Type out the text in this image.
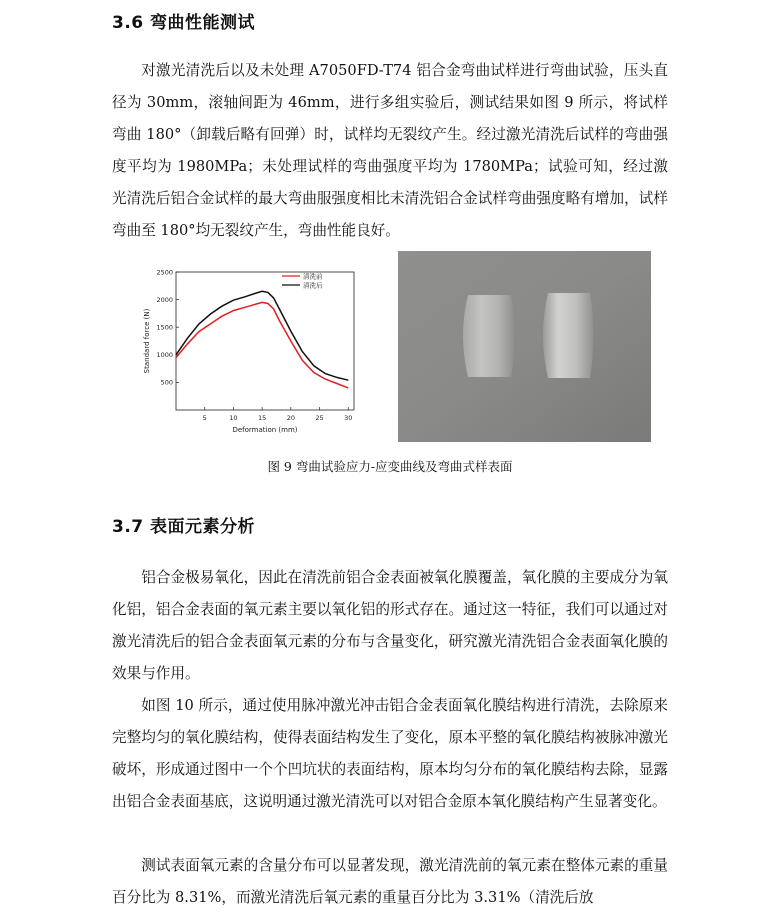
3.6 弯曲性能测试

对激光清洗后以及未处理 A7050FD-T74 铝合金弯曲试样进行弯曲试验，压头直径为 30mm，滚轴间距为 46mm，进行多组实验后，测试结果如图 9 所示，将试样弯曲 180°（卸载后略有回弹）时，试样均无裂纹产生。经过激光清洗后试样的弯曲强度平均为 1980MPa；未处理试样的弯曲强度平均为 1780MPa；试验可知，经过激光清洗后铝合金试样的最大弯曲服强度相比未清洗铝合金试样弯曲强度略有增加，试样弯曲至 180°均无裂纹产生，弯曲性能良好。

5	10	15	20	25	30
500
1000
1500
2000
2500
Deformation (mm)
Standard force (N)
清洗前
清洗后
图 9 弯曲试验应力-应变曲线及弯曲式样表面
3.7 表面元素分析

铝合金极易氧化，因此在清洗前铝合金表面被氧化膜覆盖，氧化膜的主要成分为氧化铝，铝合金表面的氧元素主要以氧化铝的形式存在。通过这一特征，我们可以通过对激光清洗后的铝合金表面氧元素的分布与含量变化，研究激光清洗铝合金表面氧化膜的效果与作用。

如图 10 所示，通过使用脉冲激光冲击铝合金表面氧化膜结构进行清洗，去除原来完整均匀的氧化膜结构，使得表面结构发生了变化，原本平整的氧化膜结构被脉冲激光破坏，形成通过图中一个个凹坑状的表面结构，原本均匀分布的氧化膜结构去除，显露出铝合金表面基底，这说明通过激光清洗可以对铝合金原本氧化膜结构产生显著变化。

测试表面氧元素的含量分布可以显著发现，激光清洗前的氧元素在整体元素的重量百分比为 8.31%，而激光清洗后氧元素的重量百分比为 3.31%（清洗后放
